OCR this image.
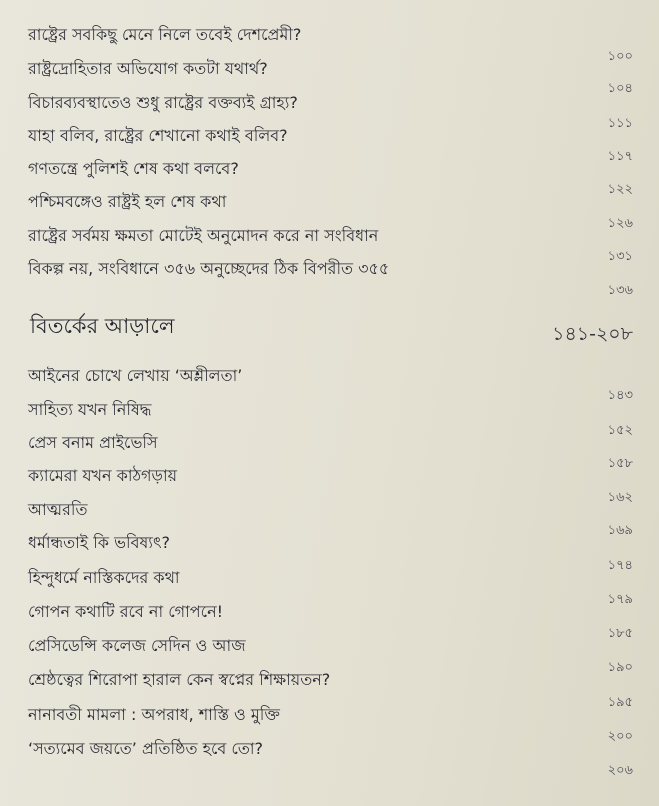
রাষ্ট্রের সবকিছু মেনে নিলে তবেই দেশপ্রেমী?
রাষ্ট্রদ্রোহিতার অভিযোগ কতটা যথার্থ?
১০০
বিচারব্যবস্থাতেও শুধু রাষ্ট্রের বক্তব্যই গ্রাহ্য?
১০৪
যাহা বলিব, রাষ্ট্রের শেখানো কথাই বলিব?
১১১
গণতন্ত্রে পুলিশই শেষ কথা বলবে?
১১৭
পশ্চিমবঙ্গেও রাষ্ট্রই হল শেষ কথা
১২২
রাষ্ট্রের সর্বময় ক্ষমতা মোটেই অনুমোদন করে না সংবিধান
১২৬
বিকল্প নয়, সংবিধানে ৩৫৬ অনুচ্ছেদের ঠিক বিপরীত ৩৫৫
১৩১
১৩৬
বিতর্কের আড়ালে	১৪১-২০৮
আইনের চোখে লেখায় ‘অশ্লীলতা’
সাহিত্য যখন নিষিদ্ধ
১৪৩
প্রেস বনাম প্রাইভেসি
১৫২
ক্যামেরা যখন কাঠগড়ায়
১৫৮
আত্মরতি
১৬২
ধর্মান্ধতাই কি ভবিষ্যৎ?
১৬৯
হিন্দুধর্মে নাস্তিকদের কথা
১৭৪
গোপন কথাটি রবে না গোপনে!
১৭৯
প্রেসিডেন্সি কলেজ সেদিন ও আজ
১৮৫
শ্রেষ্ঠত্বের শিরোপা হারাল কেন স্বপ্নের শিক্ষায়তন?
১৯০
নানাবতী মামলা : অপরাধ, শাস্তি ও মুক্তি
১৯৫
‘সত্যমেব জয়তে’ প্রতিষ্ঠিত হবে তো?
২০০
২০৬
